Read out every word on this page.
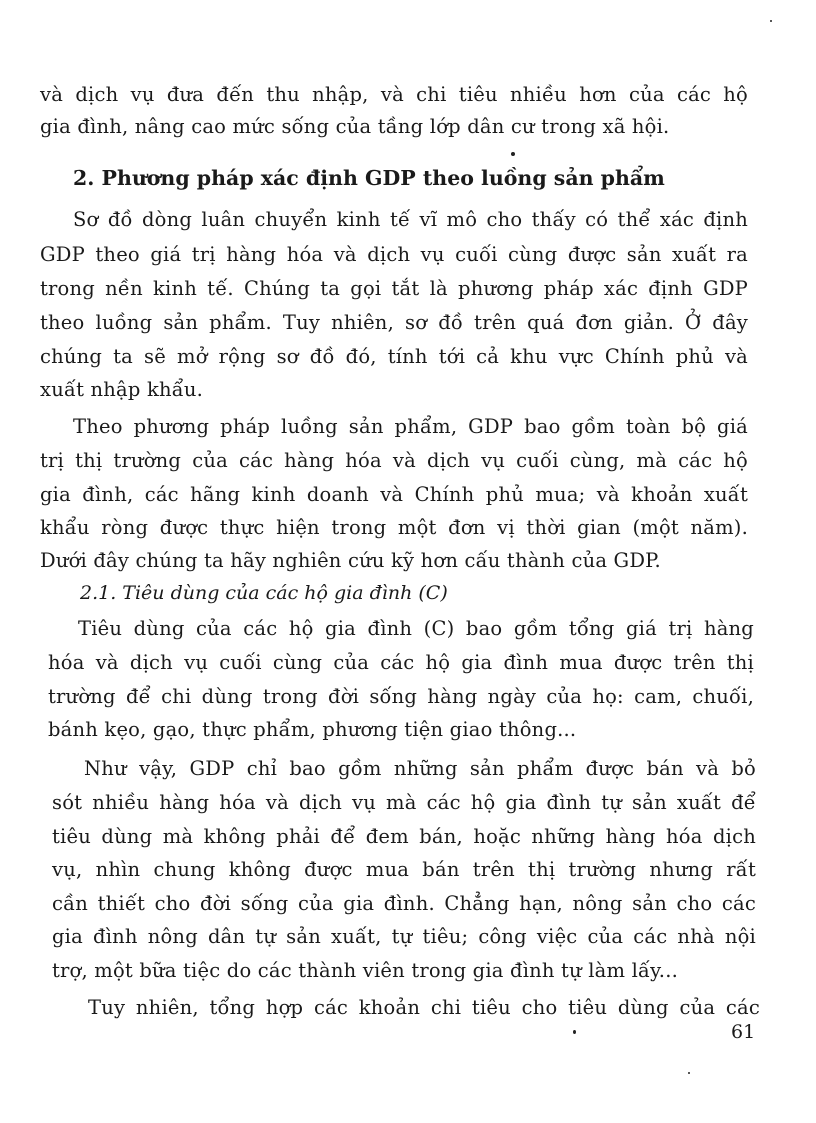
và dịch vụ đưa đến thu nhập, và chi tiêu nhiều hơn của các hộ
gia đình, nâng cao mức sống của tầng lớp dân cư trong xã hội.
2. Phương pháp xác định GDP theo luồng sản phẩm
Sơ đồ dòng luân chuyển kinh tế vĩ mô cho thấy có thể xác định
GDP theo giá trị hàng hóa và dịch vụ cuối cùng được sản xuất ra
trong nền kinh tế. Chúng ta gọi tắt là phương pháp xác định GDP
theo luồng sản phẩm. Tuy nhiên, sơ đồ trên quá đơn giản. Ở đây
chúng ta sẽ mở rộng sơ đồ đó, tính tới cả khu vực Chính phủ và
xuất nhập khẩu.
Theo phương pháp luồng sản phẩm, GDP bao gồm toàn bộ giá
trị thị trường của các hàng hóa và dịch vụ cuối cùng, mà các hộ
gia đình, các hãng kinh doanh và Chính phủ mua; và khoản xuất
khẩu ròng được thực hiện trong một đơn vị thời gian (một năm).
Dưới đây chúng ta hãy nghiên cứu kỹ hơn cấu thành của GDP.
2.1. Tiêu dùng của các hộ gia đình (C)
Tiêu dùng của các hộ gia đình (C) bao gồm tổng giá trị hàng
hóa và dịch vụ cuối cùng của các hộ gia đình mua được trên thị
trường để chi dùng trong đời sống hàng ngày của họ: cam, chuối,
bánh kẹo, gạo, thực phẩm, phương tiện giao thông...
Như vậy, GDP chỉ bao gồm những sản phẩm được bán và bỏ
sót nhiều hàng hóa và dịch vụ mà các hộ gia đình tự sản xuất để
tiêu dùng mà không phải để đem bán, hoặc những hàng hóa dịch
vụ, nhìn chung không được mua bán trên thị trường nhưng rất
cần thiết cho đời sống của gia đình. Chẳng hạn, nông sản cho các
gia đình nông dân tự sản xuất, tự tiêu; công việc của các nhà nội
trợ, một bữa tiệc do các thành viên trong gia đình tự làm lấy...
Tuy nhiên, tổng hợp các khoản chi tiêu cho tiêu dùng của các
61
